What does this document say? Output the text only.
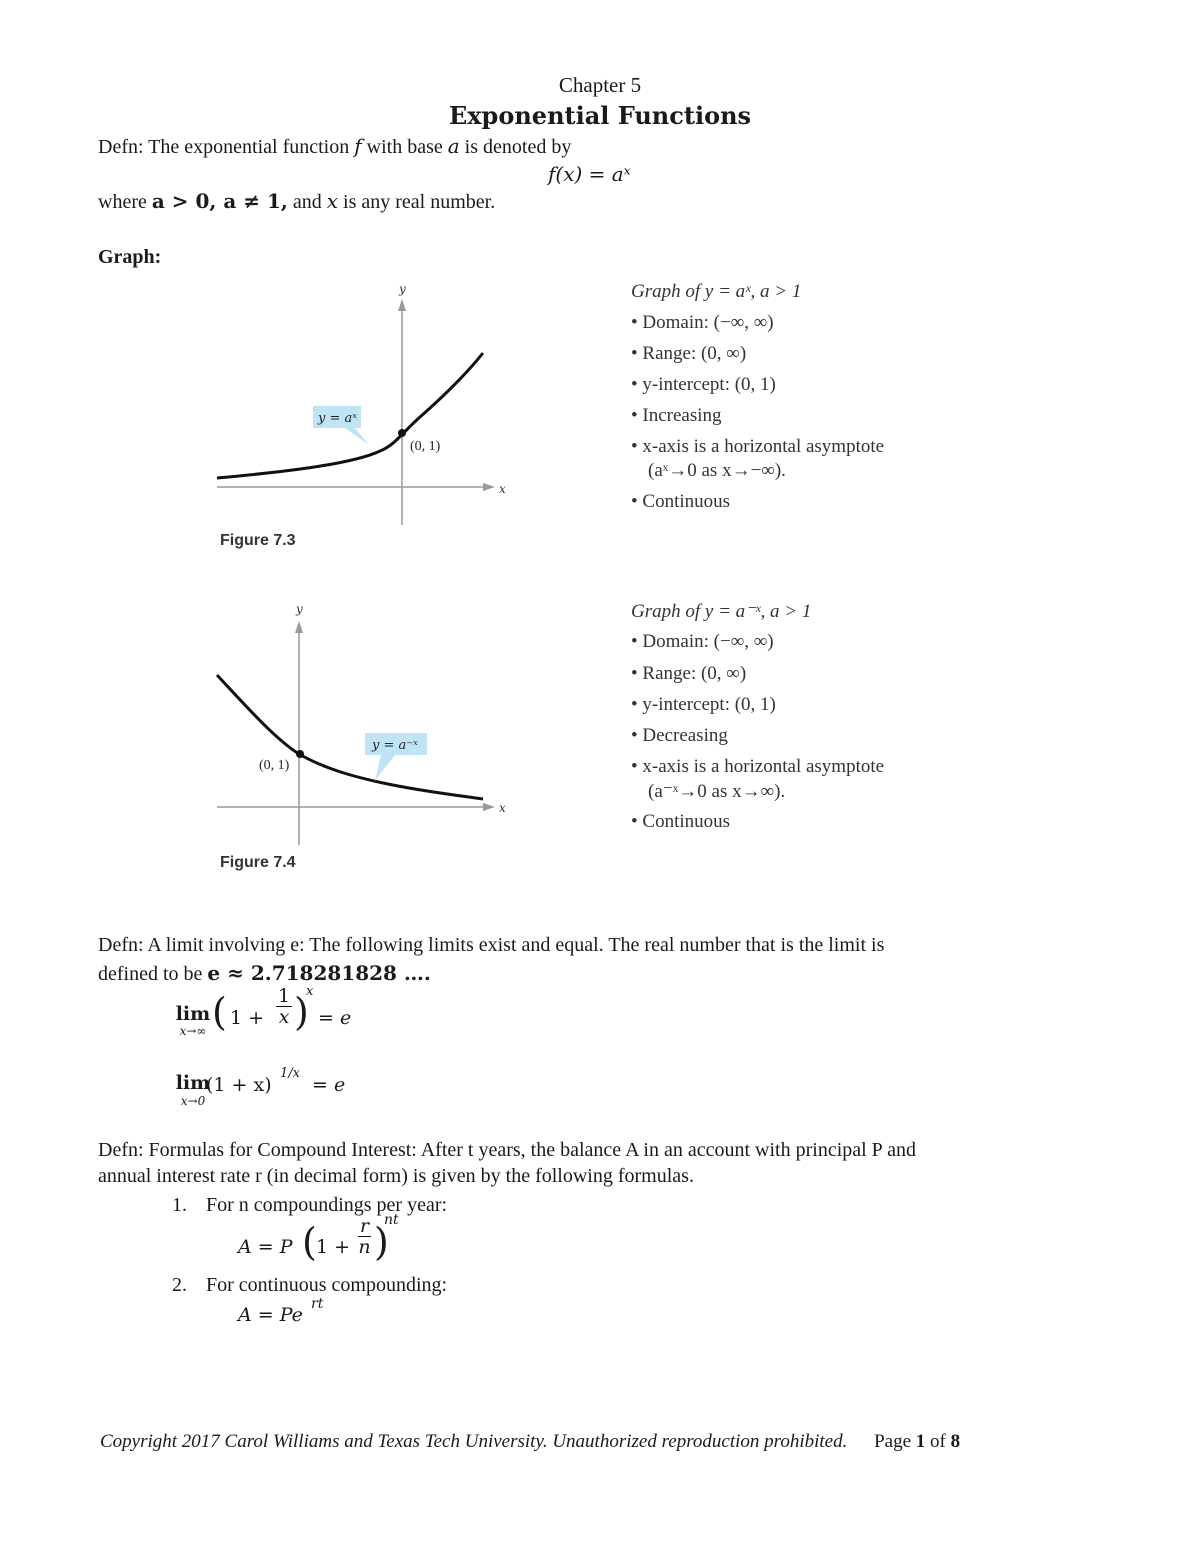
Chapter 5
Exponential Functions
Defn: The exponential function f with base a is denoted by
f(x) = aˣ
where a > 0, a ≠ 1, and x is any real number.
Graph:
x
y
y = aˣ
(0, 1)
Figure 7.3
Graph of y = aˣ, a > 1
• Domain: (−∞, ∞)
• Range: (0, ∞)
• y-intercept: (0, 1)
• Increasing
• x-axis is a horizontal asymptote
(aˣ→0 as x→−∞).
• Continuous
x
y
y = a⁻ˣ
(0, 1)
Figure 7.4
Graph of y = a⁻ˣ, a > 1
• Domain: (−∞, ∞)
• Range: (0, ∞)
• y-intercept: (0, 1)
• Decreasing
• x-axis is a horizontal asymptote
(a⁻ˣ→0 as x→∞).
• Continuous
Defn: A limit involving e: The following limits exist and equal. The real number that is the limit is
defined to be e ≈ 2.718281828 ….
lim
x→∞ ( $1 + \frac{1}{x}$ )
x
= e
lim
x→0
(1 + x)
1/x
= e
Defn: Formulas for Compound Interest: After t years, the balance A in an account with principal P and
annual interest rate r (in decimal form) is given by the following formulas.
1. For n compoundings per year:
A = P ( $1 + \frac{r}{n}$ )
nt
2. For continuous compounding:
A = Pe rt
Copyright 2017 Carol Williams and Texas Tech University. Unauthorized reproduction prohibited. Page 1 of 8
